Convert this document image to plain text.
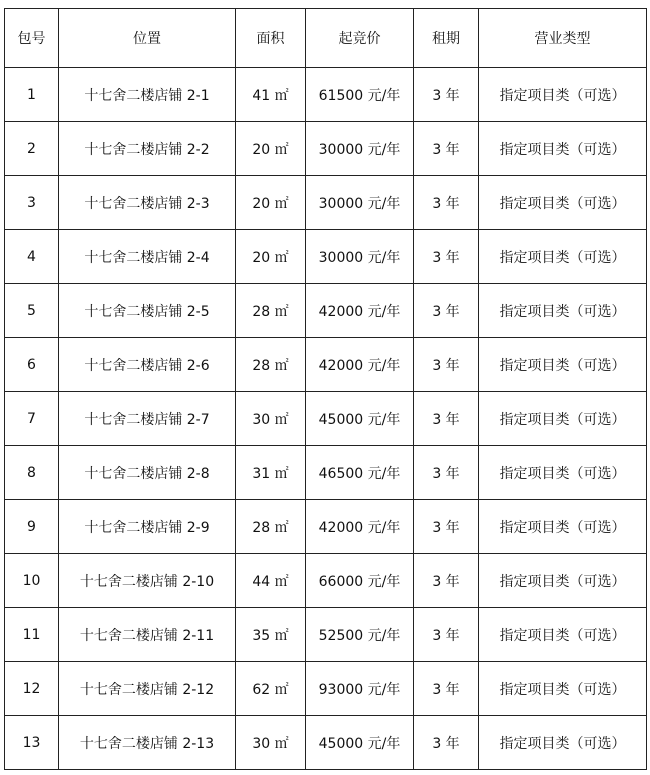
包号	位置	面积	起竞价	租期	营业类型
1	十七舍二楼店铺 2-1	41 ㎡	61500 元/年	3 年	指定项目类（可选）
2	十七舍二楼店铺 2-2	20 ㎡	30000 元/年	3 年	指定项目类（可选）
3	十七舍二楼店铺 2-3	20 ㎡	30000 元/年	3 年	指定项目类（可选）
4	十七舍二楼店铺 2-4	20 ㎡	30000 元/年	3 年	指定项目类（可选）
5	十七舍二楼店铺 2-5	28 ㎡	42000 元/年	3 年	指定项目类（可选）
6	十七舍二楼店铺 2-6	28 ㎡	42000 元/年	3 年	指定项目类（可选）
7	十七舍二楼店铺 2-7	30 ㎡	45000 元/年	3 年	指定项目类（可选）
8	十七舍二楼店铺 2-8	31 ㎡	46500 元/年	3 年	指定项目类（可选）
9	十七舍二楼店铺 2-9	28 ㎡	42000 元/年	3 年	指定项目类（可选）
10	十七舍二楼店铺 2-10	44 ㎡	66000 元/年	3 年	指定项目类（可选）
11	十七舍二楼店铺 2-11	35 ㎡	52500 元/年	3 年	指定项目类（可选）
12	十七舍二楼店铺 2-12	62 ㎡	93000 元/年	3 年	指定项目类（可选）
13	十七舍二楼店铺 2-13	30 ㎡	45000 元/年	3 年	指定项目类（可选）
